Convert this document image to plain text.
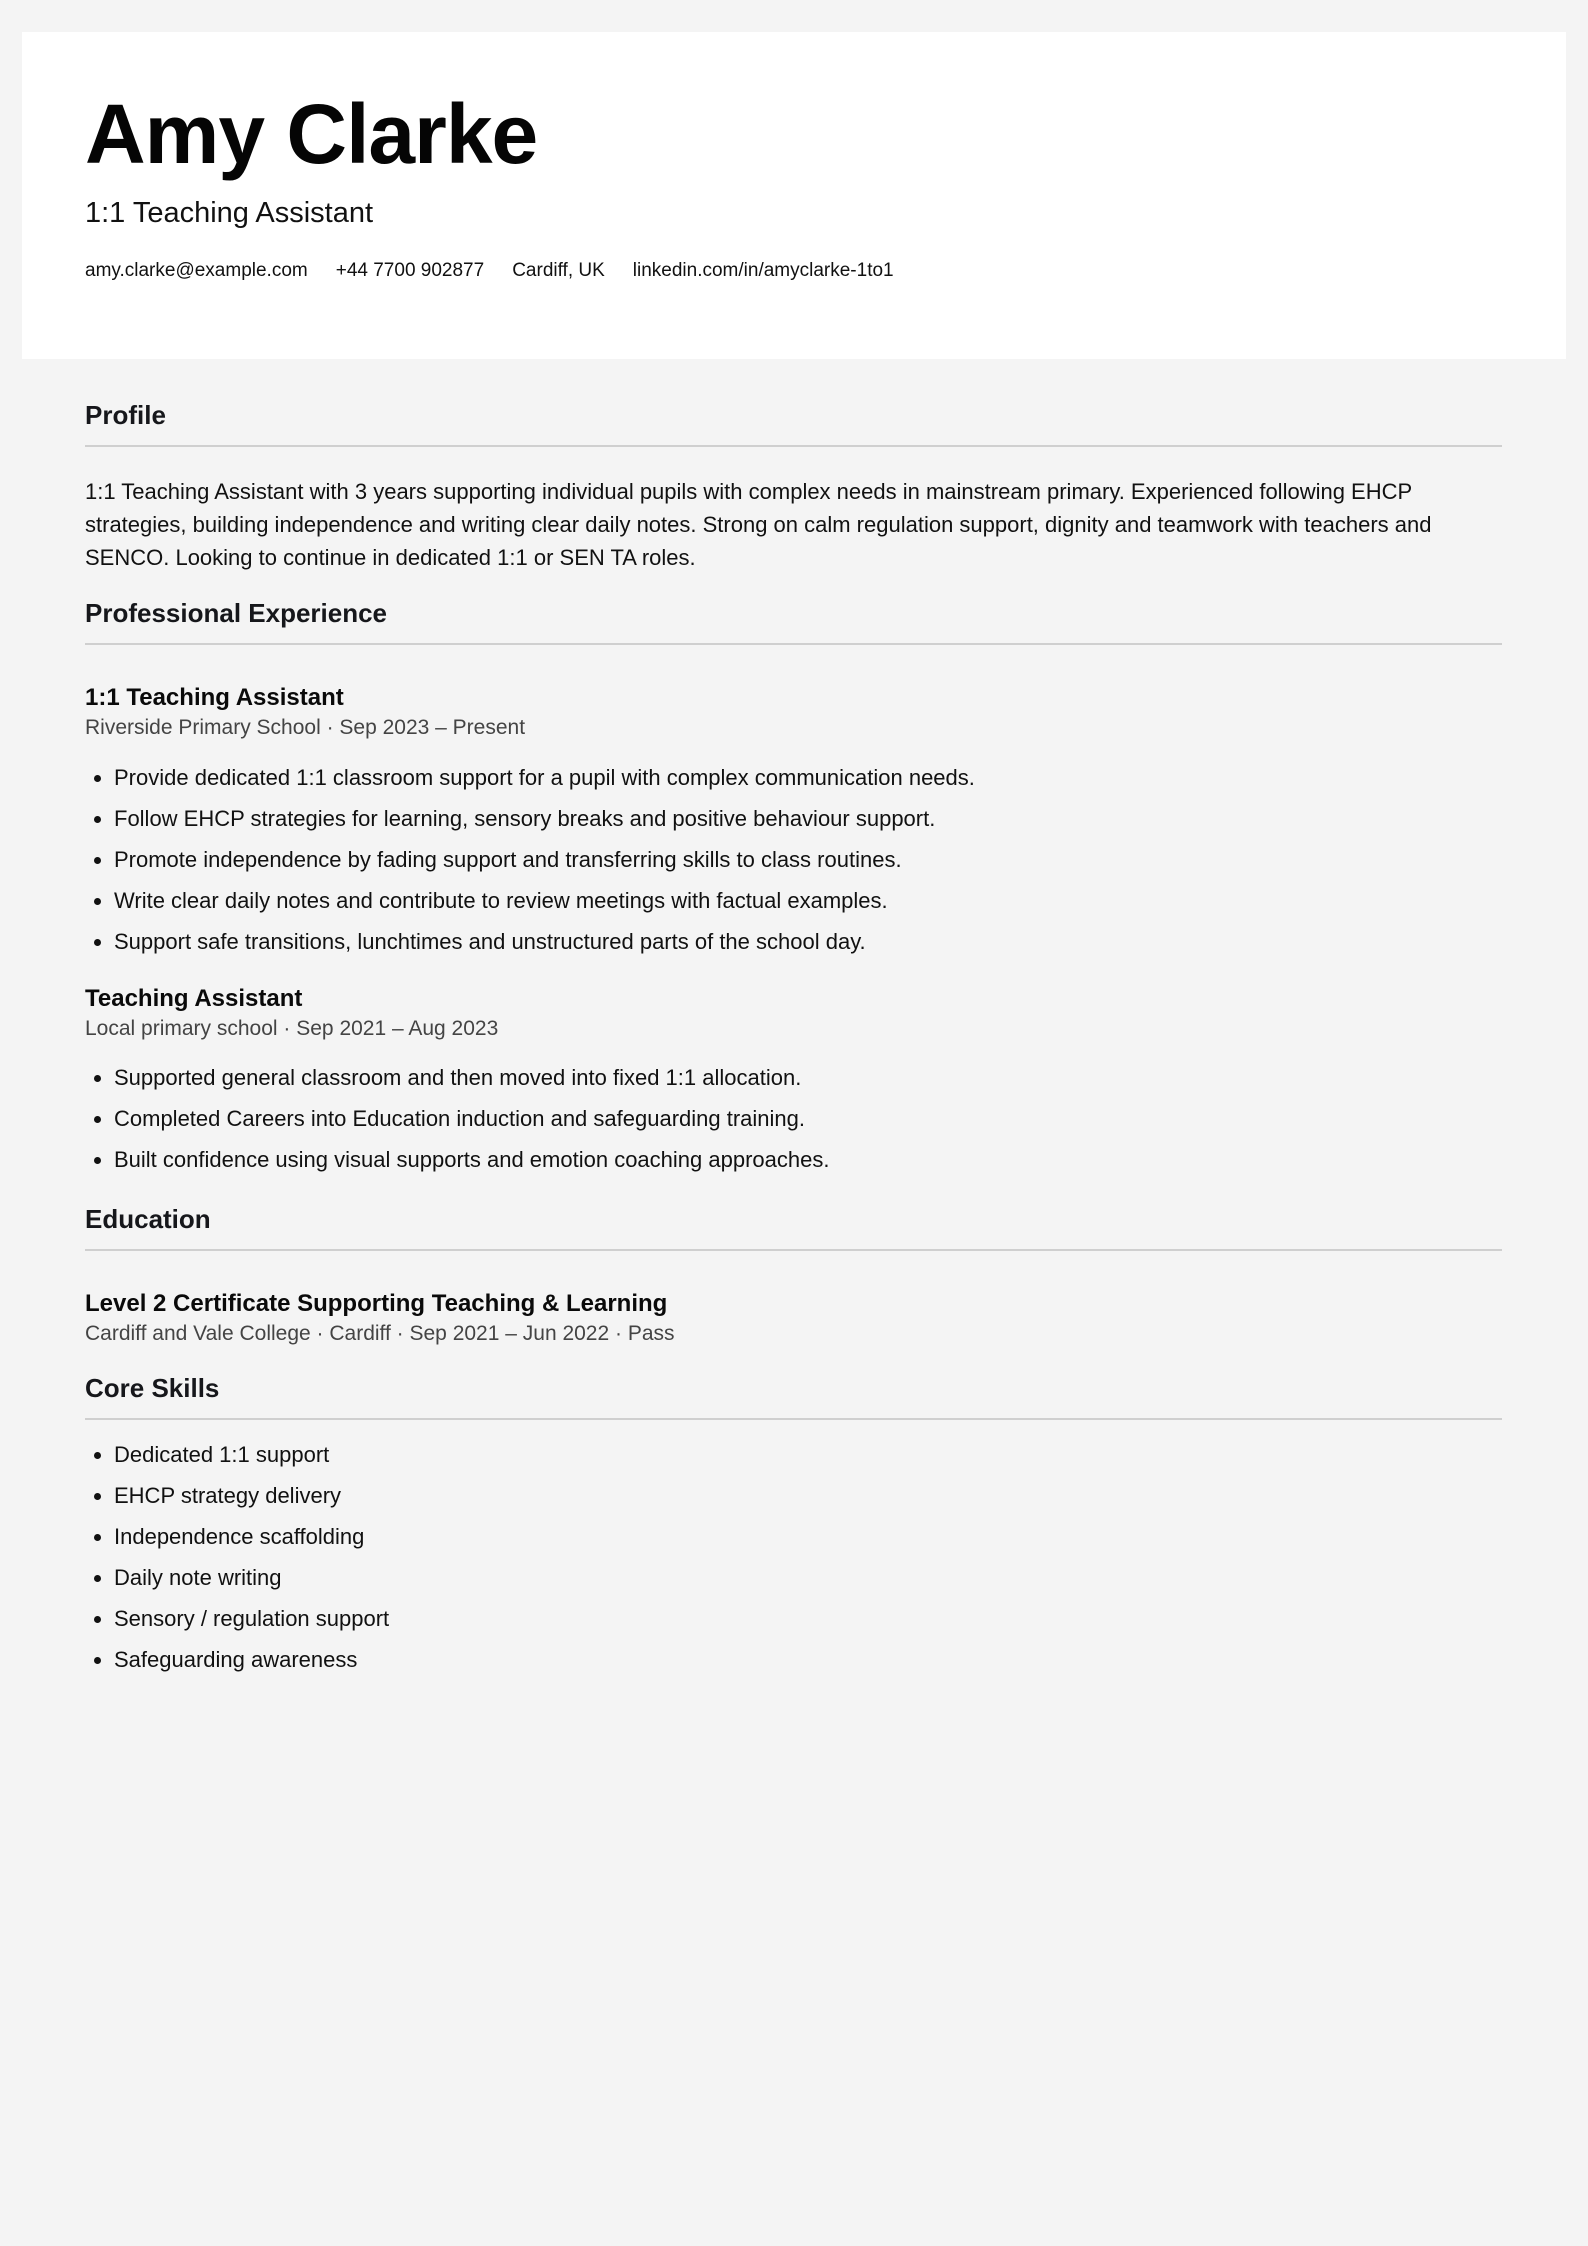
Amy Clarke
1:1 Teaching Assistant
amy.clarke@example.com +44 7700 902877 Cardiff, UK linkedin.com/in/amyclarke-1to1
Profile

1:1 Teaching Assistant with 3 years supporting individual pupils with complex needs in mainstream primary. Experienced following EHCP strategies, building independence and writing clear daily notes. Strong on calm regulation support, dignity and teamwork with teachers and SENCO. Looking to continue in dedicated 1:1 or SEN TA roles.

Professional Experience
1:1 Teaching Assistant
Riverside Primary School · Sep 2023 – Present
• Provide dedicated 1:1 classroom support for a pupil with complex communication needs.
• Follow EHCP strategies for learning, sensory breaks and positive behaviour support.
• Promote independence by fading support and transferring skills to class routines.
• Write clear daily notes and contribute to review meetings with factual examples.
• Support safe transitions, lunchtimes and unstructured parts of the school day.
Teaching Assistant
Local primary school · Sep 2021 – Aug 2023
• Supported general classroom and then moved into fixed 1:1 allocation.
• Completed Careers into Education induction and safeguarding training.
• Built confidence using visual supports and emotion coaching approaches.
Education
Level 2 Certificate Supporting Teaching & Learning
Cardiff and Vale College · Cardiff · Sep 2021 – Jun 2022 · Pass
Core Skills
• Dedicated 1:1 support
• EHCP strategy delivery
• Independence scaffolding
• Daily note writing
• Sensory / regulation support
• Safeguarding awareness
